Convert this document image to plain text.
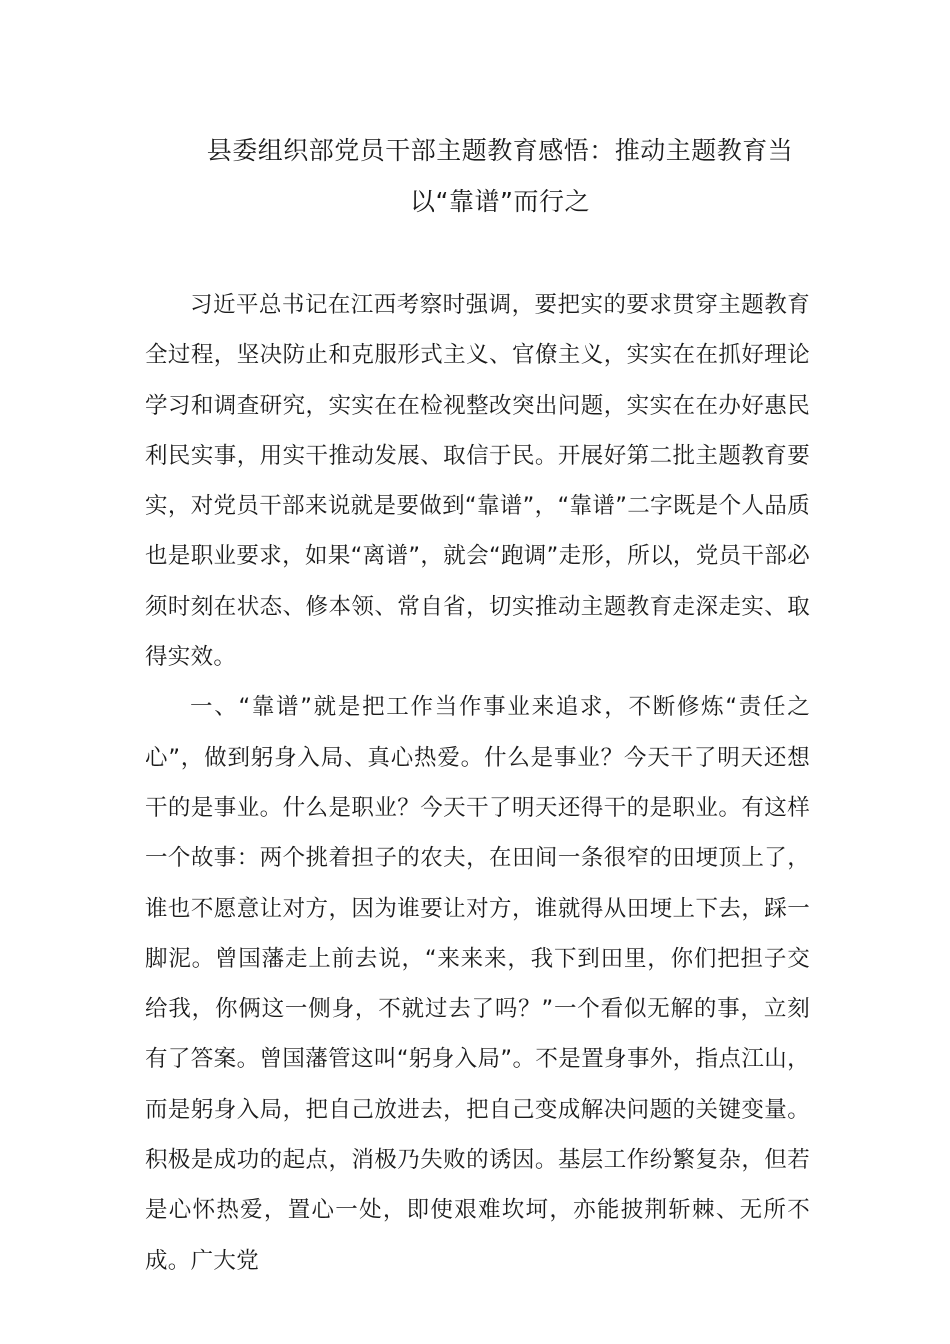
县委组织部党员干部主题教育感悟：推动主题教育当
以“靠谱”而行之

习近平总书记在江西考察时强调，要把实的要求贯穿主题教育全过程，坚决防止和克服形式主义、官僚主义，实实在在抓好理论学习和调查研究，实实在在检视整改突出问题，实实在在办好惠民利民实事，用实干推动发展、取信于民。开展好第二批主题教育要实，对党员干部来说就是要做到“靠谱”，“靠谱”二字既是个人品质也是职业要求，如果“离谱”，就会“跑调”走形，所以，党员干部必须时刻在状态、修本领、常自省，切实推动主题教育走深走实、取得实效。

一、“靠谱”就是把工作当作事业来追求，不断修炼“责任之心”，做到躬身入局、真心热爱。什么是事业？今天干了明天还想干的是事业。什么是职业？今天干了明天还得干的是职业。有这样一个故事：两个挑着担子的农夫，在田间一条很窄的田埂顶上了，谁也不愿意让对方，因为谁要让对方，谁就得从田埂上下去，踩一脚泥。曾国藩走上前去说，“来来来，我下到田里，你们把担子交给我，你俩这一侧身，不就过去了吗？”一个看似无解的事，立刻有了答案。曾国藩管这叫“躬身入局”。不是置身事外，指点江山，而是躬身入局，把自己放进去，把自己变成解决问题的关键变量。积极是成功的起点，消极乃失败的诱因。基层工作纷繁复杂，但若是心怀热爱，置心一处，即使艰难坎坷，亦能披荆斩棘、无所不成。广大党
